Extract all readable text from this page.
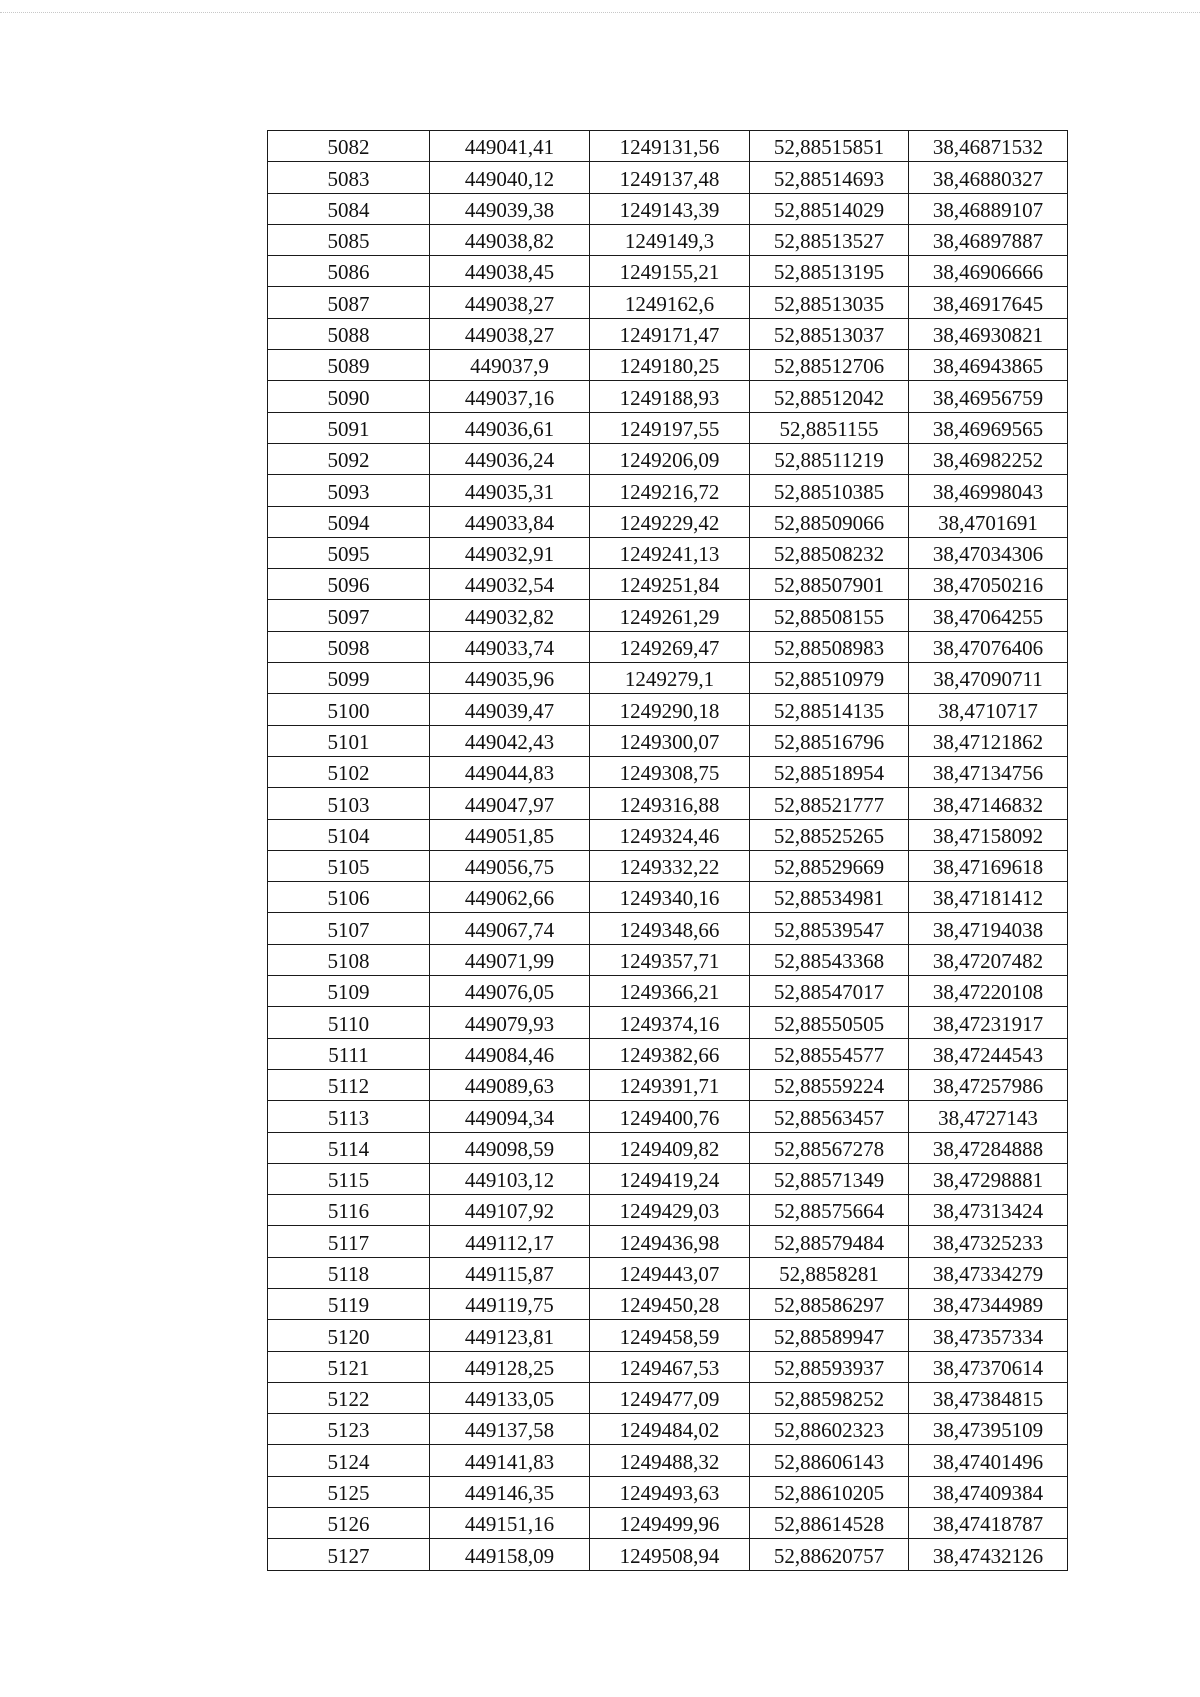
5082	449041,41	1249131,56	52,88515851	38,46871532
5083	449040,12	1249137,48	52,88514693	38,46880327
5084	449039,38	1249143,39	52,88514029	38,46889107
5085	449038,82	1249149,3	52,88513527	38,46897887
5086	449038,45	1249155,21	52,88513195	38,46906666
5087	449038,27	1249162,6	52,88513035	38,46917645
5088	449038,27	1249171,47	52,88513037	38,46930821
5089	449037,9	1249180,25	52,88512706	38,46943865
5090	449037,16	1249188,93	52,88512042	38,46956759
5091	449036,61	1249197,55	52,8851155	38,46969565
5092	449036,24	1249206,09	52,88511219	38,46982252
5093	449035,31	1249216,72	52,88510385	38,46998043
5094	449033,84	1249229,42	52,88509066	38,4701691
5095	449032,91	1249241,13	52,88508232	38,47034306
5096	449032,54	1249251,84	52,88507901	38,47050216
5097	449032,82	1249261,29	52,88508155	38,47064255
5098	449033,74	1249269,47	52,88508983	38,47076406
5099	449035,96	1249279,1	52,88510979	38,47090711
5100	449039,47	1249290,18	52,88514135	38,4710717
5101	449042,43	1249300,07	52,88516796	38,47121862
5102	449044,83	1249308,75	52,88518954	38,47134756
5103	449047,97	1249316,88	52,88521777	38,47146832
5104	449051,85	1249324,46	52,88525265	38,47158092
5105	449056,75	1249332,22	52,88529669	38,47169618
5106	449062,66	1249340,16	52,88534981	38,47181412
5107	449067,74	1249348,66	52,88539547	38,47194038
5108	449071,99	1249357,71	52,88543368	38,47207482
5109	449076,05	1249366,21	52,88547017	38,47220108
5110	449079,93	1249374,16	52,88550505	38,47231917
5111	449084,46	1249382,66	52,88554577	38,47244543
5112	449089,63	1249391,71	52,88559224	38,47257986
5113	449094,34	1249400,76	52,88563457	38,4727143
5114	449098,59	1249409,82	52,88567278	38,47284888
5115	449103,12	1249419,24	52,88571349	38,47298881
5116	449107,92	1249429,03	52,88575664	38,47313424
5117	449112,17	1249436,98	52,88579484	38,47325233
5118	449115,87	1249443,07	52,8858281	38,47334279
5119	449119,75	1249450,28	52,88586297	38,47344989
5120	449123,81	1249458,59	52,88589947	38,47357334
5121	449128,25	1249467,53	52,88593937	38,47370614
5122	449133,05	1249477,09	52,88598252	38,47384815
5123	449137,58	1249484,02	52,88602323	38,47395109
5124	449141,83	1249488,32	52,88606143	38,47401496
5125	449146,35	1249493,63	52,88610205	38,47409384
5126	449151,16	1249499,96	52,88614528	38,47418787
5127	449158,09	1249508,94	52,88620757	38,47432126
